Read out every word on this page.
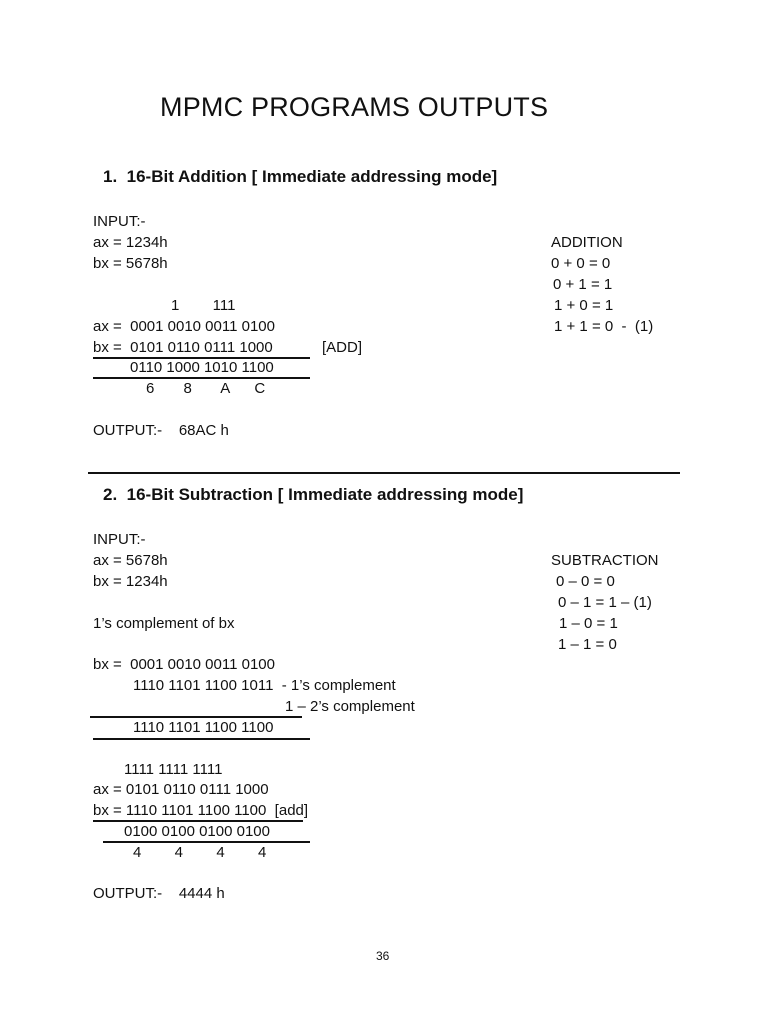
MPMC PROGRAMS OUTPUTS
1.  16-Bit Addition [ Immediate addressing mode]
INPUT:-
ax = 1234h
bx = 5678h
1        111
ax =  0001 0010 0011 0100
bx =  0101 0110 0111 1000	[ADD]
0110 1000 1010 1100
6       8       A      C
OUTPUT:-    68AC h
ADDITION
0 + 0 = 0
0 + 1 = 1
1 + 0 = 1
1 + 1 = 0  -  (1)
2.  16-Bit Subtraction [ Immediate addressing mode]
INPUT:-
ax = 5678h
bx = 1234h
1’s complement of bx
bx =  0001 0010 0011 0100
1110 1101 1100 1011  - 1’s complement
1 – 2’s complement
1110 1101 1100 1100
1111 1111 1111
ax = 0101 0110 0111 1000
bx = 1110 1101 1100 1100  [add]
0100 0100 0100 0100
4        4        4        4
OUTPUT:-    4444 h
SUBTRACTION
0 – 0 = 0
0 – 1 = 1 – (1)
1 – 0 = 1
1 – 1 = 0
36
